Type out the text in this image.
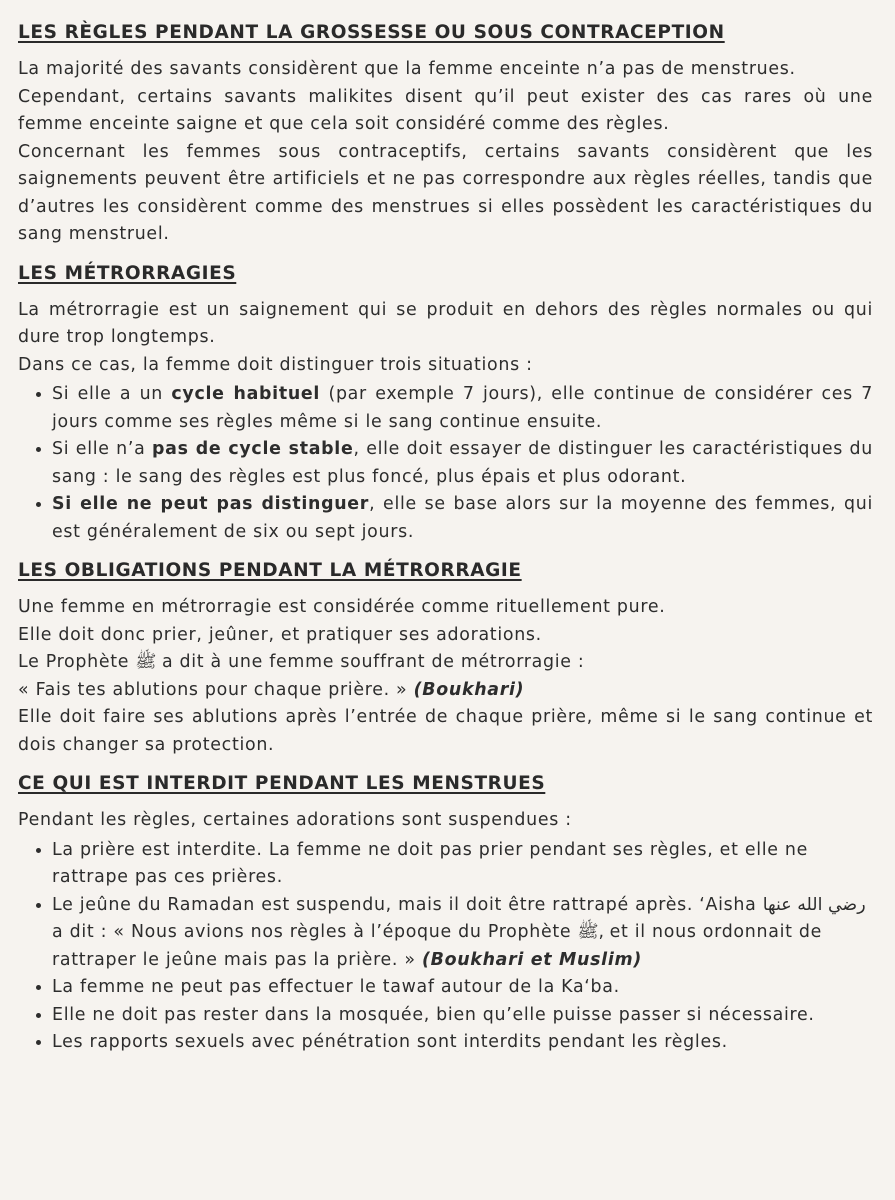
LES RÈGLES PENDANT LA GROSSESSE OU SOUS CONTRACEPTION
La majorité des savants considèrent que la femme enceinte n’a pas de menstrues.
Cependant, certains savants malikites disent qu’il peut exister des cas rares où une femme enceinte saigne et que cela soit considéré comme des règles.
Concernant les femmes sous contraceptifs, certains savants considèrent que les saignements peuvent être artificiels et ne pas correspondre aux règles réelles, tandis que d’autres les considèrent comme des menstrues si elles possèdent les caractéristiques du sang menstruel.
LES MÉTRORRAGIES
La métrorragie est un saignement qui se produit en dehors des règles normales ou qui dure trop longtemps.
Dans ce cas, la femme doit distinguer trois situations :
• Si elle a un cycle habituel (par exemple 7 jours), elle continue de considérer ces 7 jours comme ses règles même si le sang continue ensuite.
• Si elle n’a pas de cycle stable, elle doit essayer de distinguer les caractéristiques du sang : le sang des règles est plus foncé, plus épais et plus odorant.
• Si elle ne peut pas distinguer, elle se base alors sur la moyenne des femmes, qui est généralement de six ou sept jours.
LES OBLIGATIONS PENDANT LA MÉTRORRAGIE
Une femme en métrorragie est considérée comme rituellement pure.
Elle doit donc prier, jeûner, et pratiquer ses adorations.
Le Prophète ﷺ a dit à une femme souffrant de métrorragie :
« Fais tes ablutions pour chaque prière. » (Boukhari)
Elle doit faire ses ablutions après l’entrée de chaque prière, même si le sang continue et dois changer sa protection.
CE QUI EST INTERDIT PENDANT LES MENSTRUES
Pendant les règles, certaines adorations sont suspendues :
• La prière est interdite. La femme ne doit pas prier pendant ses règles, et elle ne rattrape pas ces prières.
• Le jeûne du Ramadan est suspendu, mais il doit être rattrapé après. ‘Aisha رضي الله عنها a dit : « Nous avions nos règles à l’époque du Prophète ﷺ, et il nous ordonnait de rattraper le jeûne mais pas la prière. » (Boukhari et Muslim)
• La femme ne peut pas effectuer le tawaf autour de la Ka‘ba.
• Elle ne doit pas rester dans la mosquée, bien qu’elle puisse passer si nécessaire.
• Les rapports sexuels avec pénétration sont interdits pendant les règles.
